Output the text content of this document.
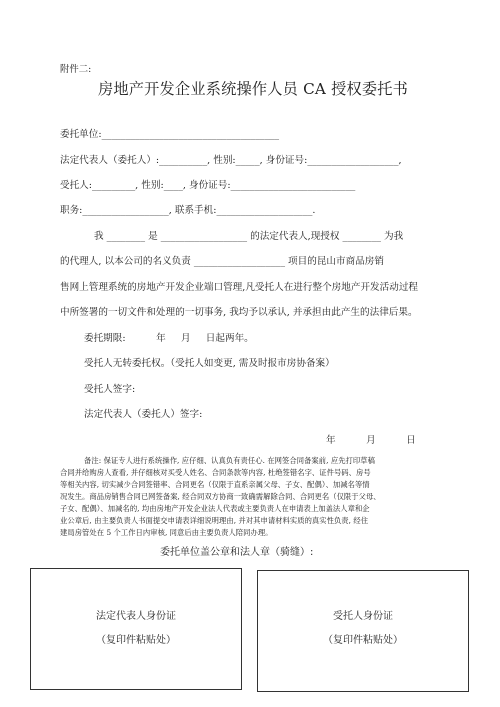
附件二:
房地产开发企业系统操作人员 CA 授权委托书
委托单位:_____________________________________
法定代表人（委托人）:__________, 性别:_____, 身份证号:___________________,
受托人:_________, 性别:____, 身份证号:__________________________
职务:__________________, 联系手机:____________________.
我 ________ 是 __________________ 的法定代表人,现授权 ________ 为我
的代理人, 以本公司的名义负责 ___________________ 项目的昆山市商品房销
售网上管理系统的房地产开发企业端口管理,凡受托人在进行整个房地产开发活动过程
中所签署的一切文件和处理的一切事务, 我均予以承认, 并承担由此产生的法律后果。
委托期限:          年     月     日起两年。
受托人无转委托权。（受托人如变更, 需及时报市房协备案）
受托人签字:
法定代表人（委托人）签字:
年          月          日
备注: 保证专人进行系统操作, 应仔细、认真负有责任心. 在网签合同备案前, 应先打印草稿
合同并给购房人查看, 并仔细核对买受人姓名、合同条款等内容, 杜绝签错名字、证件号码、房号
等相关内容, 切实减少合同签错率、合同更名（仅限于直系亲属父母、子女、配偶）、加减名等情
况发生。商品房销售合同已网签备案, 经合同双方协商一致确需解除合同、合同更名（仅限于父母、
子女、配偶）、加减名的, 均由房地产开发企业法人代表或主要负责人在申请表上加盖法人章和企
业公章后, 由主要负责人书面提交申请表详细说明理由, 并对其申请材料实质的真实性负责, 经住
建局房管处在 5 个工作日内审核, 同意后由主要负责人陪同办理。
委托单位盖公章和法人章（骑缝）:
法定代表人身份证
（复印件粘贴处）
受托人身份证
（复印件粘贴处）
